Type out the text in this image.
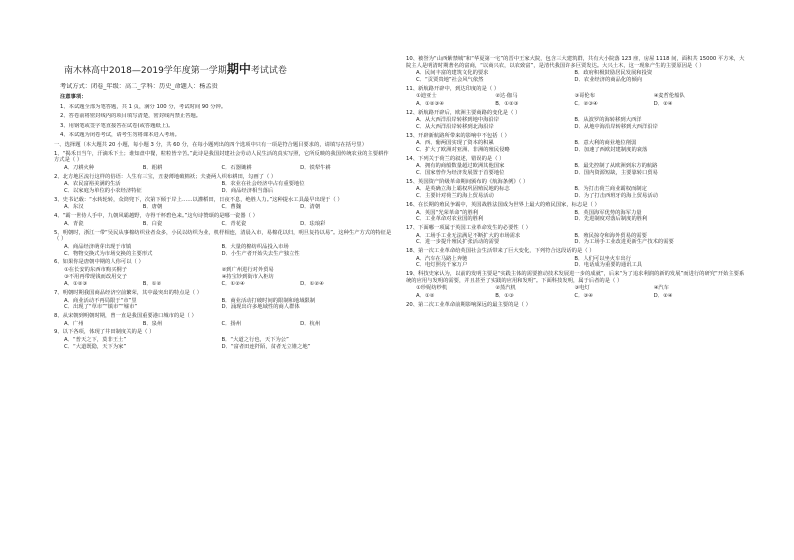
南木林高中2018—2019学年度第一学期期中考试试卷
考试方式：闭卷_年级：高二_学科：历史_命题人：杨孟贵
注意事项：
1、本试题全部为笔答题，共 1 页，满分 100 分，考试时间 90 分钟。
2、答卷前将密封线内的项目填写清楚，密封线内禁止答题。
3、用钢笔或签字笔直接答在试卷(或答题纸上)。
4、本试题为闭卷考试，请考生勿将课本进入考场。
一、选择题（本大题共 20 小题，每小题 3 分，共 60 分，在每小题列出的四个选项中只有一项是符合题目要求的，请填写在括号里）
1、“揭禾日当午，汗滴禾下土；谁知盘中餐，粒粒皆辛苦。”此诗是我国封建社会劳动人民生活的真实写照，它所反映的我国传统农业的主要耕作方式是（ ）
A．刀耕火种	B．耜耕	C．石器锄耕	D．铁犁牛耕
2、北方地区流行这样的俗语：人生有三宝，丑妻薄地破棉袄；夫妻两人织布耕田，勾画了（ ）
A．农民富裕美满的生活	B．农业在社会经济中占有重要地位
C．以家庭为单位的小农经济特征	D．商品经济相当落后
3、史书记载：“水转轮转，众筒兜下，次第下倾于岸上……以灌稻田，日夜不息，绝胜人力。”这种提水工具最早出现于（ ）
A．东汉	B．唐朝	C．曹魏	D．清朝
4、“霸一世侍人手中，九朝风霸越野，寺得干杯碧色来。”这句诗赞颂的是哪一瓷器（ ）
A．青瓷	B．白瓷	C．青花瓷	D．珐琅彩
5、明朝时，浙江一带“吴民从事棉纺织业者众多，小民以纺织为业，机杼相连，清晨入市，易棉花以归，明旦复持以易”。这种生产方式的特征是（ ）
A．商品经济萌芽出现于市镇	B．大量的棉纺织品投入市场
C．物物交换式为市场交换的主要形式	D．小生产者开始失去生产独立性
6、如果你是唐朝中期的人你可以（ ）
①在长安的东西市购买桐子	②到广州进行对外贸易
③不用再带现钱而改用交子	④持宝钞到街市入柜坊
A．①②③	B．①②	C．①②④	D．①②④
7、明朝时期我国商品经济空前繁荣，其中最突出的特点是（ ）
A．商业活动不再局限于“市”里	B．商业活动打破时间的限制和地域限制
C．出现了“草市”“镇市”“墟市”	D．涌现出许多地域性的商人群体
8、从宋朝到明朝时期，曾一直是我国重要港口城市的是（ ）
A．广州	B．泉州	C．扬州	D．杭州
9、以下各项，体现了井田制度关的是（ ）
A．“普天之下，莫非王土”	B．“大道之行也，天下为公”
C．“大道既隐，天下为家”	D．“富者田连阡陌，贫者无立锥之地”
10、被誉为“山西紫禁城”和“华夏第一宅”的晋中王家大院，包含三大建筑群，共有大小院落 123 座，房屋 1118 间，面积共 15000 平方米，大院主人是明清时期著名的富商，“以商兴农，以农致富”，是清代我国许多巨贾发达。大兴土木，这一现象产生的主要原因是（ ）
A．民间丰富的建筑文化的要求	B．政府积极鼓励居民发展和投资
C．“贡贾贵地”社会风气依然	D．农业经济的商品化的倾向
11、新航路开辟中，到达印度的是（ ）
①迪亚士	②达·伽马	③哥伦布	④麦哲伦船队
A．①②③④	B．①②③	C．②③④	D．②④
12、新航路开辟后，欧洲主要商路的变化是（ ）
A．从大西洋沿岸转移到地中海沿岸	B．从波罗的海转移到大西洋
C．从大西洋沿岸转移到北海沿岸	D．从地中海沿岸转移到大西洋沿岸
13、开辟新航路所带来的影响中不包括（ ）
A．西、葡两国实现了资本的积累	B．意大利的商业地位削弱
C．扩大了欧洲对亚洲、非洲的殖民侵略	D．加速了西欧封建制度的衰落
14、下列关于荷兰的叙述，错误的是（ ）
A．拥有的商船数量超过欧洲其他国家	B．最先控制了从欧洲到东方的航路
C．国家曾作为经济发展置于首要地位	D．国内资源短缺，主要靠转口贸易
15、英国资产阶级革命期间颁布的《航海条例》（ ）
A．是英确立海上霸权巩固殖民地的标志	B．为打击荷兰商业霸权而制定
C．主要针对荷兰的海上贸易活动	D．为了打击西班牙的海上贸易活动
16、在长期的殖民争霸中，英国战胜法国成为世界上最大的殖民国家，标志是（ ）
A．英国“光荣革命”的胜利	B．英国海军优势的海军力量
C．工业革命对农业国的胜利	D．先进制度对落后制度的胜利
17、下面哪一项属于英国工业革命发生的必要性（ ）
A．工场手工业无法满足不断扩大的市场需求	B．殖民掠夺和海外贸易的需要
C．进一步提升殖民扩张活动的需要	D．为工场手工业改进更新生产技术的需要
18、第一次工业革命给英国社会生活带来了巨大变化，下列符合这段话的是（ ）
A．汽车在马路上奔驰	B．人们可以坐火车出行
C．电灯照亮千家万户	D．电话成为重要的通讯工具
19、科技史家认为，以前的发明主要是“实践主体的需要推动技术发展进一步的成就”，后来“为了追求利润的新的发展”而进行的研究“开始主要系统的应用与发明的需要，并且甚至了实践的应用和发明”。下面科技发明，属于后者的是（ ）
①珍妮纺纱机	②蒸汽机	③电灯	④汽车
A．①②	B．①③	C．③④	D．②④
20、第二次工业革命前期影响深远的最主要的是（ ）
